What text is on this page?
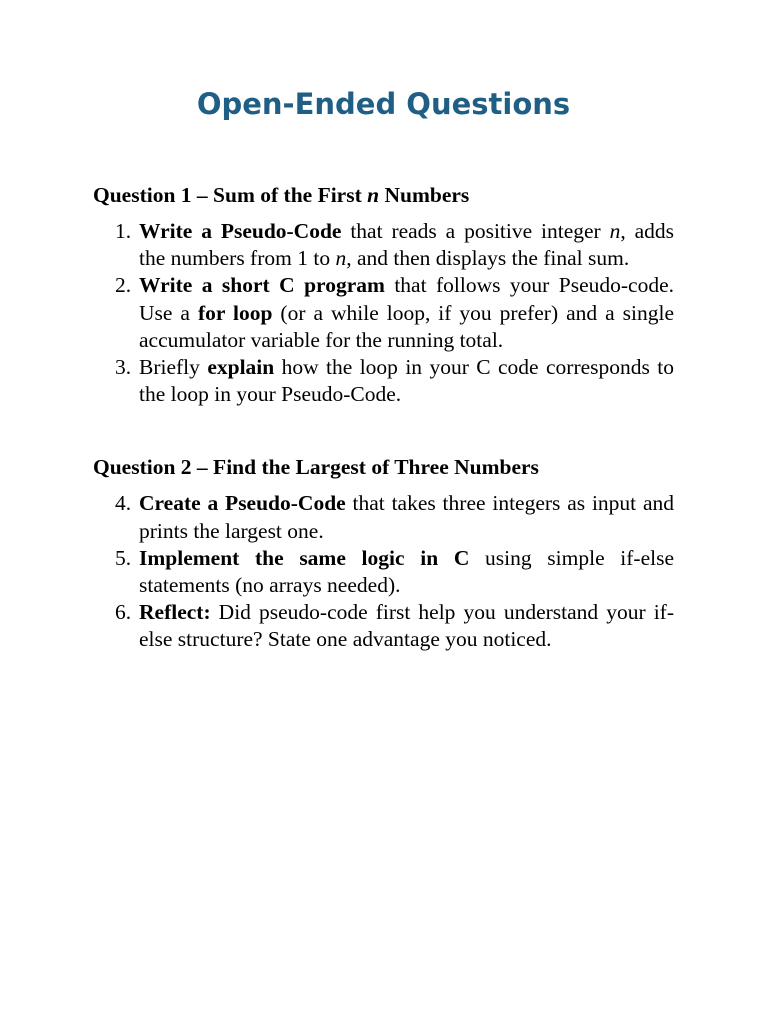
Open-Ended Questions
Question 1 – Sum of the First n Numbers
1. Write a Pseudo-Code that reads a positive integer n, adds the numbers from 1 to n, and then displays the final sum.
2. Write a short C program that follows your Pseudo-code. Use a for loop (or a while loop, if you prefer) and a single accumulator variable for the running total.
3. Briefly explain how the loop in your C code corresponds to the loop in your Pseudo-Code.
Question 2 – Find the Largest of Three Numbers
4. Create a Pseudo-Code that takes three integers as input and prints the largest one.
5. Implement the same logic in C using simple if-else statements (no arrays needed).
6. Reflect: Did pseudo-code first help you understand your if-else structure? State one advantage you noticed.
